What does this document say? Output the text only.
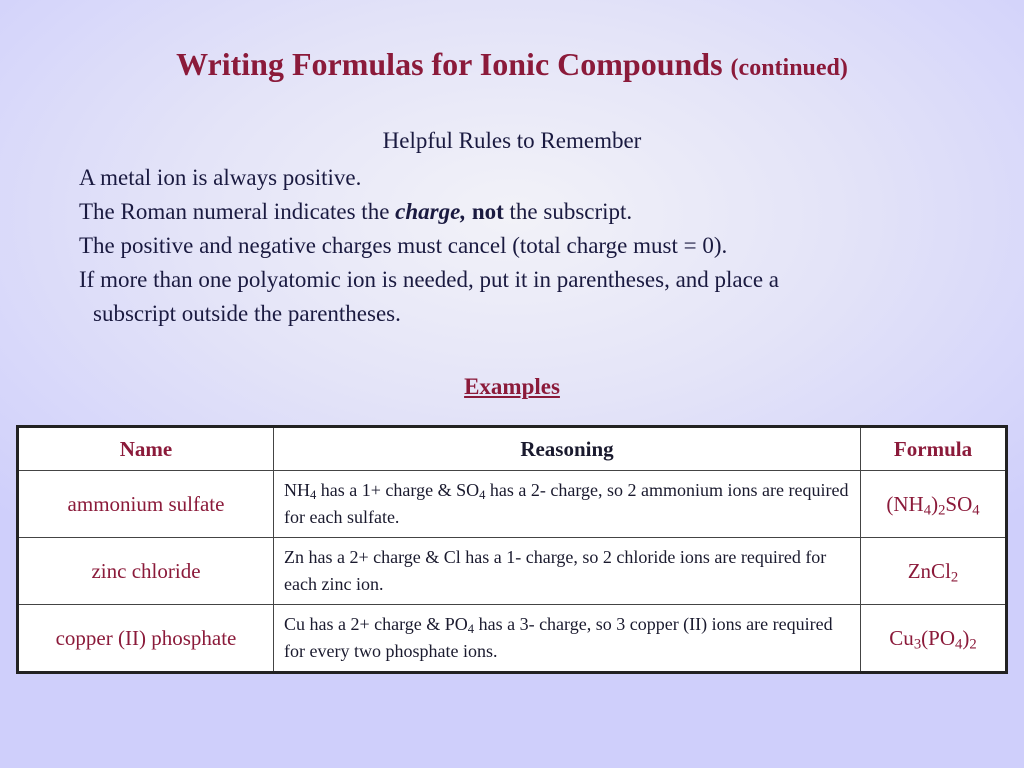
Writing Formulas for Ionic Compounds (continued)
Helpful Rules to Remember
A metal ion is always positive.
The Roman numeral indicates the charge, not the subscript.
The positive and negative charges must cancel (total charge must = 0).
If more than one polyatomic ion is needed, put it in parentheses, and place a
subscript outside the parentheses.
Examples
Name	Reasoning	Formula
ammonium sulfate	$NH_4$ has a 1+ charge & $SO_4$ has a 2- charge, so 2 ammonium ions are required for each sulfate.	$(NH_4)_2SO_4$
zinc chloride	Zn has a 2+ charge & Cl has a 1- charge, so 2 chloride ions are required for each zinc ion.	ZnCl$_2$
copper (II) phosphate	Cu has a 2+ charge & $PO_4$ has a 3- charge, so 3 copper (II) ions are required for every two phosphate ions.	$Cu_3(PO_4)_2$
